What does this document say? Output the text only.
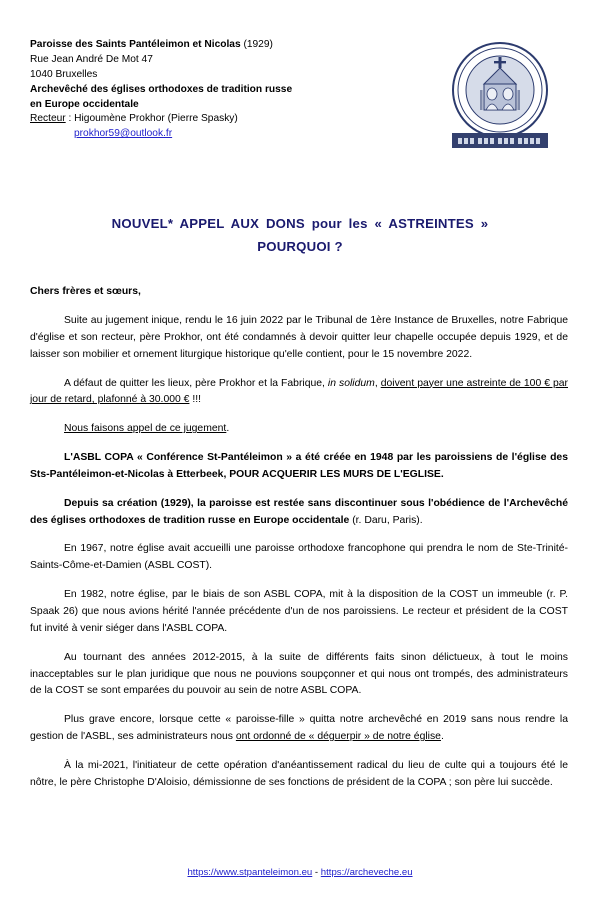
Paroisse des Saints Pantéleimon et Nicolas (1929)
Rue Jean André De Mot 47
1040 Bruxelles
Archevêché des églises orthodoxes de tradition russe
en Europe occidentale
Recteur : Higoumène Prokhor (Pierre Spasky)
prokhor59@outlook.fr
NOUVEL* APPEL AUX DONS pour les « ASTREINTES »
POURQUOI ?

Chers frères et sœurs,

Suite au jugement inique, rendu le 16 juin 2022 par le Tribunal de 1ère Instance de Bruxelles, notre Fabrique d'église et son recteur, père Prokhor, ont été condamnés à devoir quitter leur chapelle occupée depuis 1929, et de laisser son mobilier et ornement liturgique historique qu'elle contient, pour le 15 novembre 2022.

A défaut de quitter les lieux, père Prokhor et la Fabrique, in solidum, doivent payer une astreinte de 100 € par jour de retard, plafonné à 30.000 € !!!

Nous faisons appel de ce jugement.

L'ASBL COPA « Conférence St-Pantéleimon » a été créée en 1948 par les paroissiens de l'église des Sts-Pantéleimon-et-Nicolas à Etterbeek, POUR ACQUERIR LES MURS DE L'EGLISE.

Depuis sa création (1929), la paroisse est restée sans discontinuer sous l'obédience de l'Archevêché des églises orthodoxes de tradition russe en Europe occidentale (r. Daru, Paris).

En 1967, notre église avait accueilli une paroisse orthodoxe francophone qui prendra le nom de Ste-Trinité-Saints-Côme-et-Damien (ASBL COST).

En 1982, notre église, par le biais de son ASBL COPA, mit à la disposition de la COST un immeuble (r. P. Spaak 26) que nous avions hérité l'année précédente d'un de nos paroissiens. Le recteur et président de la COST fut invité à venir siéger dans l'ASBL COPA.

Au tournant des années 2012-2015, à la suite de différents faits sinon délictueux, à tout le moins inacceptables sur le plan juridique que nous ne pouvions soupçonner et qui nous ont trompés, des administrateurs de la COST se sont emparées du pouvoir au sein de notre ASBL COPA.

Plus grave encore, lorsque cette « paroisse-fille » quitta notre archevêché en 2019 sans nous rendre la gestion de l'ASBL, ses administrateurs nous ont ordonné de « déguerpir » de notre église.

À la mi-2021, l'initiateur de cette opération d'anéantissement radical du lieu de culte qui a toujours été le nôtre, le père Christophe D'Aloisio, démissionne de ses fonctions de président de la COPA ; son père lui succède.

https://www.stpanteleimon.eu - https://archeveche.eu
